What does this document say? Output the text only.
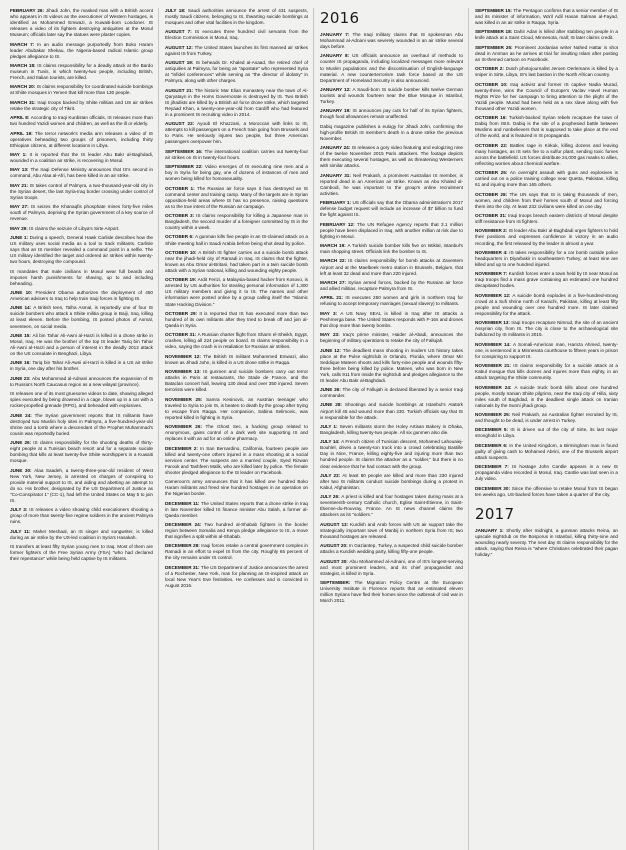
FEBRUARY 26: Jihadi John, the masked man with a British accent who appears in IS videos as the executioner of Western hostages, is identified as Mohammed Emwazi, a Kuwaiti-born Londoner. IS releases a video of its fighters destroying antiquities at the Mosul Museum; officials later say the statues were plaster copies.

MARCH 7: In an audio message purportedly from Boko Haram leader Abubakar Shekau, the Nigeria-based radical Islamic group pledges allegiance to IS.

MARCH 18: IS claims responsibility for a deadly attack at the Bardo museum in Tunis, in which twenty-two people, including British, French, and Italian tourists, are killed.

MARCH 20:IS claims responsibility for coordinated suicide bombings at Shiite mosques in Yemen that kill more than 130 people.

MARCH 31: Iraqi troops backed by Shiite militias and US air strikes retake the strategic city of Tikrit.

APRIL 8:According to Iraqi Kurdistan officials, IS releases more than two hundred Yazidi women and children, as well as the ill or elderly.

APRIL 19: The terror network's media arm releases a video of IS operatives beheading two groups of prisoners, including thirty Ethiopian citizens, at different locations in Libya.

MAY 1: It is reported that the IS leader Abu Bakr al-Baghdadi, wounded in a coalition air strike, is recovering in Mosul.

MAY 13: The Iraqi Defense Ministry announces that IS's second in command, Abu Alaa al-Afri, has been killed in an air strike.

MAY 21: IS takes control of Palmyra, a two-thousand-year-old city in the Syrian desert, the last Syria-Iraq border crossing under control of Syrian troops.

MAY 27: IS seizes the Khanaqfis phosphate mines forty-five miles south of Palmyra, depriving the Syrian government of a key source of revenue.

MAY 29:IS claims the seizure of Libya's Sirte Airport.

JUNE 1: During a speech, General Hawk Carlisle describes how the US military uses social media as a tool to track militants. Carlisle says that an IS member revealed a command point in a selfie. The US military identified the target and ordered air strikes within twenty-two hours, destroying the compound.

IS mandates that male civilians in Mosul wear full beards and imposes harsh punishments for shaving, up to and including beheading.

JUNE 10: President Obama authorizes the deployment of 450 American advisers to Iraq to help train Iraqi forces in fighting IS.

JUNE 14: A British teen, Talha Asmal, is reportedly one of four IS suicide bombers who attack a Shiite militia group in Baiji, Iraq, killing at least eleven. Before the bombing, IS posted photos of Asmal, seventeen, on social media.

JUNE 15: Ali bin Tahar Ali-Awni al-Harzi is killed in a drone strike in Mosul, Iraq. He was the brother of the top IS leader Tariq bin Tahar Ali-Awni al-Harzi and a person of interest in the deadly 2012 attack on the US consulate in Benghazi, Libya.

JUNE 16: Tariq bin Tahar Ali-Awni al-Harzi is killed in a US air strike in Syria, one day after his brother.

JUNE 23:Abu Mohammad al-Adnani announces the expansion of IS to Russia's North Caucasus region as a new wilayat (province).

IS releases one of its most gruesome videos to date, showing alleged spies executed by being drowned in a cage, blown up in a car with a rocket-propelled grenade (RPG), and beheaded with explosives.

JUNE 24: The Syrian government reports that IS militants have destroyed two Muslim holy sites in Palmyra, a five-hundred-year-old shrine and a tomb where a descendant of the Prophet Muhammad's cousin was reportedly buried.

JUNE 26: IS claims responsibility for the shooting deaths of thirty-eight people at a Tunisian beach resort and for a separate suicide bombing that kills at least twenty-five Shiite worshippers in a Kuwaiti mosque.

JUNE 30: Alaa Saadeh, a twenty-three-year-old resident of West New York, New Jersey, is arrested on charges of conspiring to provide material support to IS, and aiding and abetting an attempt to do so. His brother, designated by the US Department of Justice as "Co-Conspirator 1" (CC-1), had left the United States on May 5 to join IS.

JULY 3: IS releases a video showing child executioners shooting a group of more than twenty-five regime soldiers in the ancient Palmyra ruins.

JULY 11: Maher Meshaal, an IS singer and songwriter, is killed during an air strike by the US-led coalition in Syria's Hasakah.

IS transfers at least fifty Syrian young men to Iraq. Most of them are former fighters of the Free Syrian Army (FSA) "who had declared their repentance" while being held captive by IS militants.

JULY 18: Saudi authorities announce the arrest of 431 suspects, mostly Saudi citizens, belonging to IS, thwarting suicide bombings at mosques and other vital facilities in the kingdom.

AUGUST 7: IS executes three hundred civil servants from the Election Commission in Mosul, Iraq.

AUGUST 12: The United States launches its first manned air strikes against IS from Turkey.

AUGUST 19: IS beheads Dr. Khaled al-Asaad, the retired chief of antiquities at Palmyra, for being an "apostate" who represented Syria at "infidel conferences" while serving as "the director of idolatry" in Palmyra, along with other charges.

AUGUST 21: The historic Mar Elian monastery near the town of Al-Qaryatayn in the Homs Governorate is destroyed by IS. Two British IS jihadists are killed by a British air force drone strike, which targeted Reyaad Khan, a twenty-one-year-old from Cardiff who had featured in a prominent IS recruiting video in 2014.

AUGUST 22: Ayoub El Khazzani, a Moroccan with links to IS, attempts to kill passengers on a French train going from Brussels and to Paris. He seriously injures two people, but three American passengers overpower him.

SEPTEMBER 16: The international coalition carries out twenty-four air strikes on IS in twenty-four hours.

SEPTEMBER 22: Video emerges of IS executing nine men and a boy in Syria for being gay, one of dozens of instances of men and women being killed for homosexuality.

OCTOBER 1: The Russian air force says it has destroyed an IS command center and training camp. Many of the targets are in Syrian opposition-held areas where IS has no presence, raising questions as to the true intent of the Russian air campaign.

OCTOBER 3: IS claims responsibility for killing a Japanese man in Bangladesh, the second murder of a foreigner committed by IS in the country within a week.

OCTOBER 6:A gunman kills five people in an IS-claimed attack on a Shiite meeting hall in Saudi Arabia before being shot dead by police.

OCTOBER 10: A British IS fighter carries out a suicide bomb attack near the jihadi-held city of Ramadi in Iraq. IS claims that the fighter, known as Abu Omar al-Britani, had taken part in a twin suicide bomb attack with a Syrian national, killing and wounding eighty people.

OCTOBER 19:Ardit Ferizi, a Malaysia-based hacker from Kosovo, is arrested by US authorities for stealing personal information of 1,300 US military members and giving it to IS. The names and other information were posted online by a group calling itself the "Islamic State Hacking Division."

OCTOBER 29: It is reported that IS has executed more than two hundred of its own militants after they tried to break off and join al-Qaeda in Syria.

OCTOBER 31:A Russian charter flight from Sharm el-Sheikh, Egypt, crashes, killing all 224 people on board. IS claims responsibility in a video, saying the crash is in retaliation for Russian air strikes.

NOVEMBER 12: The British IS militant Mohammed Emwazi, also known as Jihadi John, is killed in a US drone strike in Raqqa.

NOVEMBER 13: IS gunmen and suicide bombers carry out terror attacks in Paris at restaurants, the Stade de France, and the Bataclan concert hall, leaving 130 dead and over 350 injured. Seven terrorists were killed.

NOVEMBER 25: Samra Kesinovic, an Austrian teenager who traveled to Syria to join IS, is beaten to death by the group after trying to escape from Raqqa. Her companion, Sabina Selimovic, was reported killed in fighting in Syria.

NOVEMBER 26: The Ghost Sec, a hacking group related to Anonymous, gains control of a dark web site supporting IS and replaces it with an ad for an online pharmacy.

DECEMBER 2: In San Bernardino, California, fourteen people are killed and twenty-one others injured in a mass shooting at a social services center. The suspects are a married couple, Syed Rizwan Farook and Tashfeen Malik, who are killed later by police. The female shooter pledged allegiance to the IS leader on Facebook.

Cameroon's army announces that it has killed one hundred Boko Haram militants and freed nine hundred hostages in an operation on the Nigerian border.

DECEMBER 11:The United States reports that a drone strike in Iraq in late November killed IS finance minister Abu Salah, a former al-Qaeda member.

DECEMBER 24: Two hundred al-Shabab fighters in the border region between Somalia and Kenya pledge allegiance to IS, a move that signifies a split within al-Shabab.

DECEMBER 28:Iraqi forces retake a central government complex in Ramadi in an effort to expel IS from the city. Roughly 65 percent of the city remains under IS control.

DECEMBER 31:The US Department of Justice announces the arrest of a Rochester, New York, man for planning an IS-inspired attack on local New Year's Eve festivities. He confesses and is convicted in August 2016.

2016

JANUARY 7: The Iraqi military claims that IS spokesman Abu Mohammad al-Adnani was severely wounded in an air strike several days before.

JANUARY 8: US officials announce an overhaul of methods to counter IS propaganda, including localized messages more relevant to Muslim populations and the discontinuation of English-language material. A new counterterrorism task force based at the US Department of Homeland Security is also announced.

JANUARY 12: A Saudi-born IS suicide bomber kills twelve German tourists and wounds fourteen near the Blue Mosque in Istanbul, Turkey.

JANUARY 19: IS announces pay cuts for half of its Syrian fighters, though food allowances remain unaffected.

Dabiq magazine publishes a eulogy for Jihadi John, confirming the high-profile British IS member's death in a drone strike the previous November.

JANUARY 24:IS releases a gory video featuring and eulogizing nine of the twelve November 2015 Paris attackers. The footage depicts them executing several hostages, as well as threatening Westerners with similar attacks.

JANUARY 31: Neil Prakash, a prominent Australian IS member, is reported dead in an American air strike. Known as Abu Khaled al-Cambodi, he was important to the group's online recruitment activities.

FEBRUARY 1:US officials say that the Obama administration's 2017 defense budget request will include an increase of $7 billion to fund the fight against IS.

FEBRUARY 12: The UN Refugee Agency reports that 3.1 million people have been displaced in Iraq, with another million at risk due to fighting in Mosul.

MARCH 19: A Turkish suicide bomber kills five on Istiklal, Istanbul's main shopping street. Officials link the bomber to IS.

MARCH 22: IS claims responsibility for bomb attacks at Zaventem Airport and at the Maelbeek metro station in Brussels, Belgium, that left at least 32 dead and more than 220 injured.

MARCH 27: Syrian armed forces, backed by the Russian air force and allied militias, recapture Palmyra from IS.

APRIL 21: IS executes 250 women and girls in northern Iraq for refusing to accept temporary marriages (sexual slavery) to militants.

MAY 3: A US Navy SEAL is killed in Iraq after IS attacks a Peshmerga base. The United States responds with F-16s and drones that drop more than twenty bombs.

MAY 23: Iraq's prime minister, Haider al-Abadi, announces the beginning of military operations to retake the city of Fallujah.

JUNE 12: The deadliest mass shooting in modern US history takes place at the Pulse nightclub in Orlando, Florida, where Omar Mir Seddique Mateen shoots and kills forty-nine people and wounds fifty-three before being killed by police. Mateen, who was born in New York, calls 911 from inside the nightclub and pledges allegiance to the IS leader Abu Bakr al-Baghdadi.

JUNE 26: The city of Fallujah is declared liberated by a senior Iraqi commander.

JUNE 28: Shootings and suicide bombings at Istanbul's Atatürk Airport kill 45 and wound more than 230. Turkish officials say that IS is responsible for the attack.

JULY 1: Seven militants storm the Holey Artisan Bakery in Dhaka, Bangladesh, killing twenty-two people. All six gunmen also die.

JULY 14: A French citizen of Tunisian descent, Mohamed Lahouaiej-Bouhlel, drives a twenty-ton truck into a crowd celebrating Bastille Day in Nice, France, killing eighty-five and injuring more than two hundred people. IS claims the attacker as a "soldier," but there is no clear evidence that he had contact with the group.

JULY 23: At least 80 people are killed and more than 230 injured after two IS militants conduct suicide bombings during a protest in Kabul, Afghanistan.

JULY 26: A priest is killed and four hostages taken during mass at a seventeenth-century Catholic church, Eglise Saint-Étienne, in Saint-Étienne-du-Rouvray, France. An IS news channel claims the attackers as its "soldiers."

AUGUST 13: Kurdish and Arab forces with US air support take the strategically important town of Manbij in northern Syria from IS; two thousand hostages are released.

AUGUST 20:In Gaziantep, Turkey, a suspected child suicide bomber attacks a Kurdish wedding party, killing fifty-one people.

AUGUST 30: Abu Mohammed al-Adnani, one of IS's longest-serving and most prominent leaders, and its chief propagandist and strategist, is killed in Syria.

SEPTEMBER: The Migration Policy Centre at the European University Institute in Florence reports that an estimated eleven million Syrians have fled their homes since the outbreak of civil war in March 2011.

SEPTEMBER 15:The Pentagon confirms that a senior member of IS and its minister of information, Wa'il Adil Hasan Salman al-Fayad, was killed in an air strike in Raqqa, Syria.

SEPTEMBER 18: Dahir Adan is killed after stabbing ten people in a knife attack at a Saint Cloud, Minnesota, mall; IS later claims credit.

SEPTEMBER 25: Prominent Jordanian writer Nahed Hattar is shot dead in Amman as he arrives at trial for insulting Islam after posting an IS-themed cartoon on Facebook.

OCTOBER 2: Dutch photojournalist Jeroen Oerlemans is killed by a sniper in Sirte, Libya, IS's last bastion in the North African country.

OCTOBER 10: Iraq activist and former IS captive Nadia Murad, twenty-three, wins the Council of Europe's Vaclav Havel Human Rights Prize for her campaign to bring attention to the plight of the Yazidi people. Murad had been held as a sex slave along with five thousand other Yazidi women.

OCTOBER 16: Turkish-backed Syrian rebels recapture the town of Dabiq from ISIS. Dabiq is the site of a prophesied battle between Muslims and nonbelievers that is supposed to take place at the end of the world, and is featured in IS propaganda.

OCTOBER 22: Battles rage in Kirkuk, killing dozens and leaving many hostages, as IS sets fire to a sulfur plant, sending toxic fumes across the battlefield. US forces distribute 24,000 gas masks to allies, reflecting worries about chemical warfare.

OCTOBER 25: An overnight assault with guns and explosives is carried out on a police training college near Quetta, Pakistan, killing 61 and injuring more than 165 others.

OCTOBER 28: The UN says that IS is taking thousands of men, women, and children from their homes south of Mosul and forcing them into the city. At least 232 civilians were killed on one day.

OCTOBER 31: Iraqi troops breach eastern districts of Mosul despite stiff resistance from IS fighters.

NOVEMBER 2:IS leader Abu Bakr al-Baghdadi urges fighters to hold their positions and expresses confidence in victory in an audio recording, the first released by the leader in almost a year.

NOVEMBER 4: IS takes responsibility for a car bomb outside police headquarters in Diyarbakir in southeastern Turkey; at least nine are killed and up to one hundred injured.

NOVEMBER 7:Kurdish forces enter a town held by IS near Mosul as Iraqi troops find a mass grave containing an estimated one hundred decapitated bodies.

NOVEMBER 12: A suicide bomb explodes in a five-hundred-strong crowd at a Sufi shrine north of Karachi, Pakistan, killing at least fifty people and wounding over one hundred more. IS later claimed responsibility for the attack.

NOVEMBER 13:Iraqi troops recapture Nimrud, the site of an ancient Assyrian city, from IS. The city is close to the archaeological site bulldozed by IS militants in 2015.

NOVEMBER 14: A Somali-American man, Hamza Ahmed, twenty-one, is sentenced in a Minnesota courthouse to fifteen years in prison for conspiring to support IS.

NOVEMBER 21: IS claims responsibility for a suicide attack at a Kabul mosque that kills dozens and injures more than eighty, in an attack targeting the Shiite community.

NOVEMBER 24: A suicide truck bomb kills about one hundred people, mostly Iranian Shiite pilgrims, near the Iraqi city of Hilla, sixty miles south of Baghdad, in the deadliest single attack on Iranian nationals by the Sunni jihadi group.

NOVEMBER 25: Neil Prakash, an Australian fighter recruited by IS, and thought to be dead, is under arrest in Turkey.

DECEMBER 5: IS is driven out of the city of Sirte, its last major stronghold in Libya.

DECEMBER 6: In the United Kingdom, a Birmingham man is found guilty of giving cash to Mohamed Abrini, one of the Brussels airport attack suspects.

DECEMBER 7: IS hostage John Cantlie appears in a new IS propaganda video recorded in Mosul, Iraq. Cantlie was last seen in a July video.

DECEMBER 30: Since the offensive to retake Mosul from IS began ten weeks ago, US-backed forces have taken a quarter of the city.

2017

JANUARY 1: Shortly after midnight, a gunman attacks Reina, an upscale nightclub on the Bosporus in Istanbul, killing thirty-nine and wounding nearly seventy. The next day IS claims responsibility for the attack, saying that Reina is "where Christians celebrated their pagan holiday."
